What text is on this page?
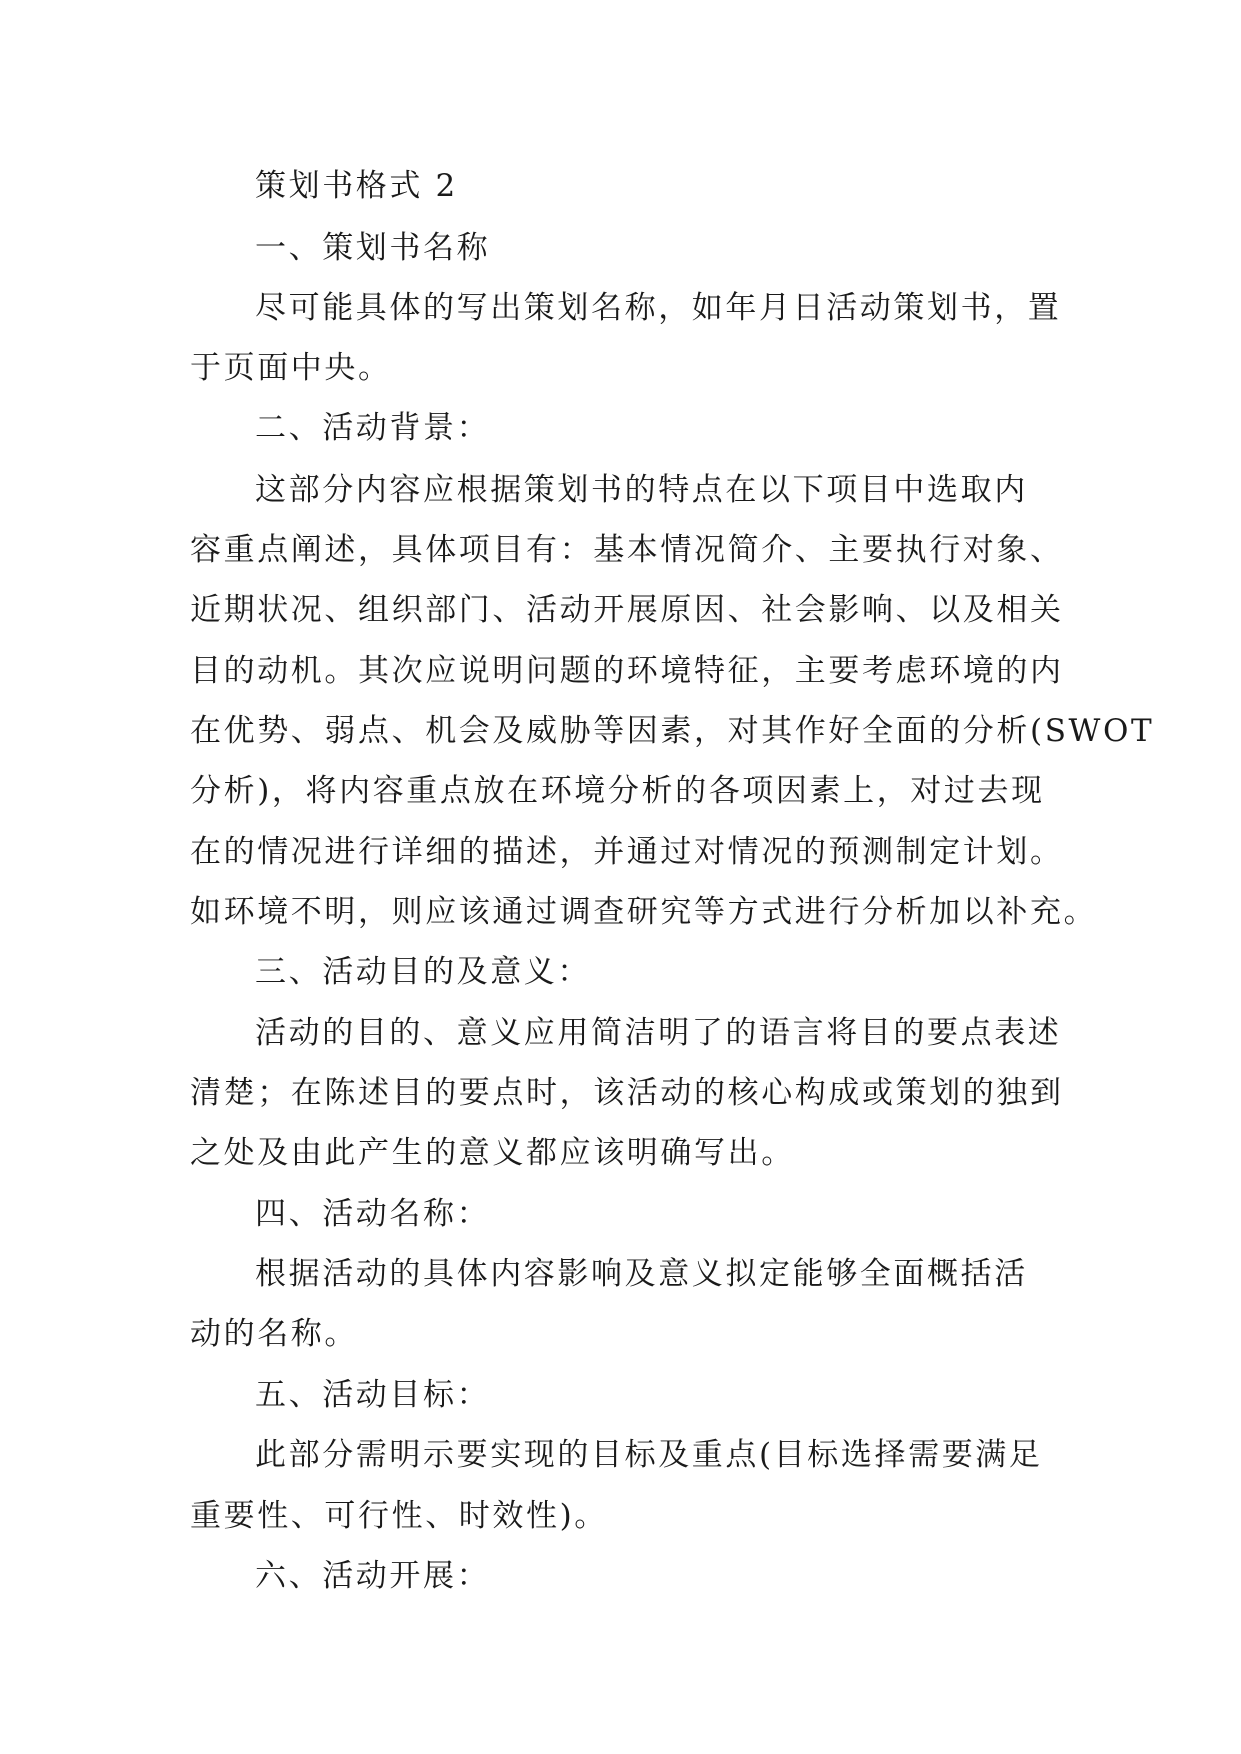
策划书格式 2
一、策划书名称
尽可能具体的写出策划名称，如年月日活动策划书，置
于页面中央。
二、活动背景：
这部分内容应根据策划书的特点在以下项目中选取内
容重点阐述，具体项目有：基本情况简介、主要执行对象、
近期状况、组织部门、活动开展原因、社会影响、以及相关
目的动机。其次应说明问题的环境特征，主要考虑环境的内
在优势、弱点、机会及威胁等因素，对其作好全面的分析(SWOT
分析)，将内容重点放在环境分析的各项因素上，对过去现
在的情况进行详细的描述，并通过对情况的预测制定计划。
如环境不明，则应该通过调查研究等方式进行分析加以补充。
三、活动目的及意义：
活动的目的、意义应用简洁明了的语言将目的要点表述
清楚；在陈述目的要点时，该活动的核心构成或策划的独到
之处及由此产生的意义都应该明确写出。
四、活动名称：
根据活动的具体内容影响及意义拟定能够全面概括活
动的名称。
五、活动目标：
此部分需明示要实现的目标及重点(目标选择需要满足
重要性、可行性、时效性)。
六、活动开展：
